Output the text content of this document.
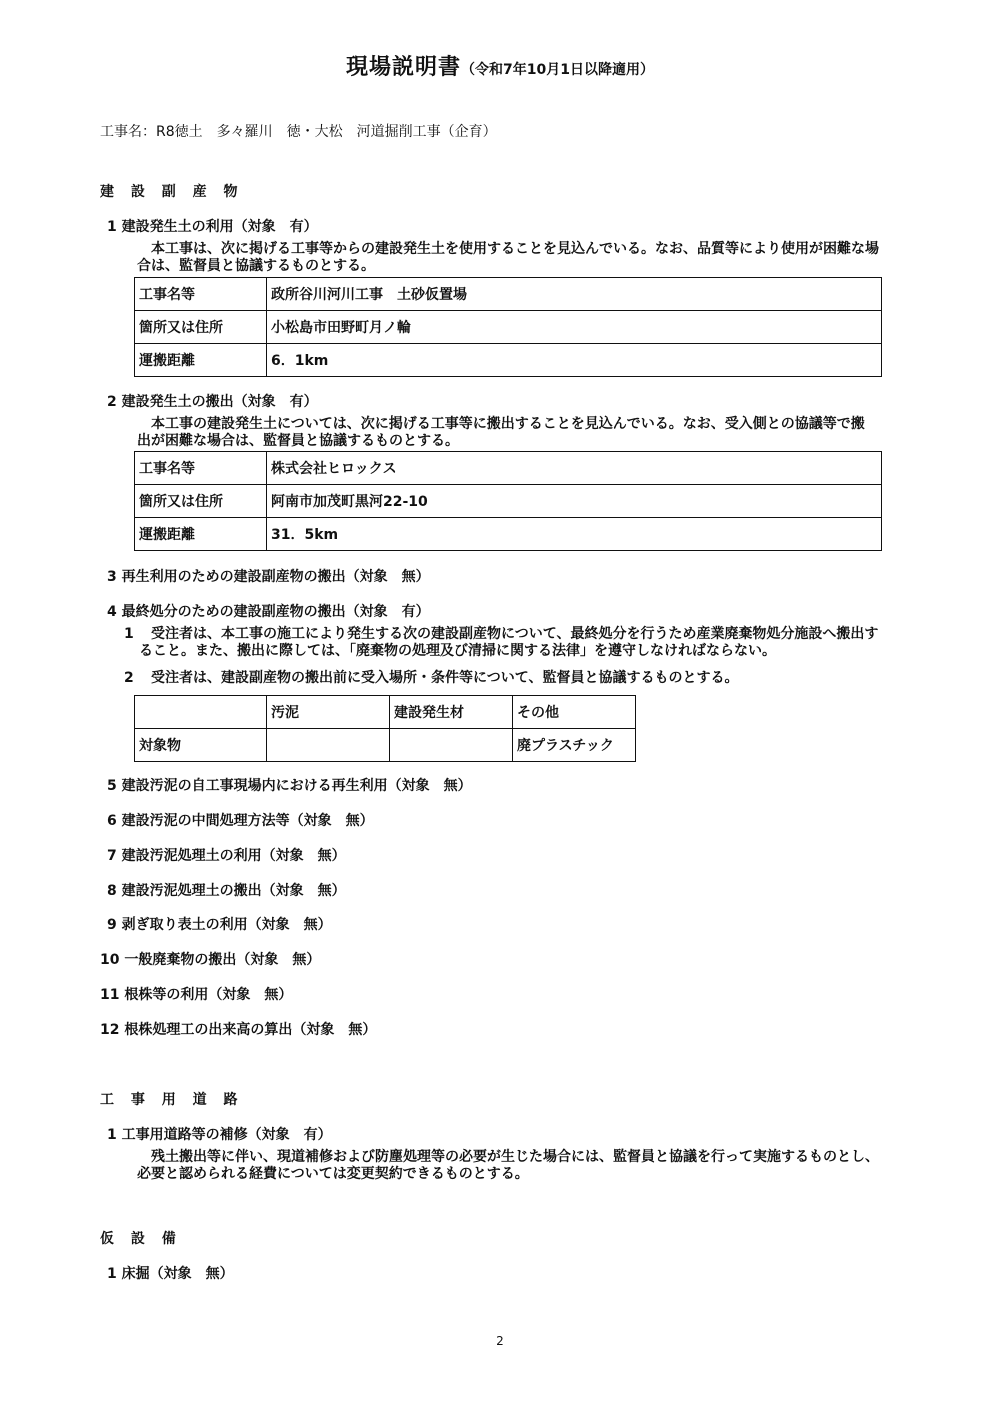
現場説明書（令和7年10月1日以降適用）
工事名：R8徳土　多々羅川　徳・大松　河道掘削工事（企育）
建 設 副 産 物
1 建設発生土の利用（対象　有）
本工事は、次に掲げる工事等からの建設発生土を使用することを見込んでいる。なお、品質等により使用が困難な場合は、監督員と協議するものとする。
工事名等	政所谷川河川工事　土砂仮置場
箇所又は住所	小松島市田野町月ノ輪
運搬距離	6．1km
2 建設発生土の搬出（対象　有）
本工事の建設発生土については、次に掲げる工事等に搬出することを見込んでいる。なお、受入側との協議等で搬出が困難な場合は、監督員と協議するものとする。
工事名等	株式会社ヒロックス
箇所又は住所	阿南市加茂町黒河22-10
運搬距離	31．5km
3 再生利用のための建設副産物の搬出（対象　無）
4 最終処分のための建設副産物の搬出（対象　有）
1	受注者は、本工事の施工により発生する次の建設副産物について、最終処分を行うため産業廃棄物処分施設へ搬出すること。また、搬出に際しては、「廃棄物の処理及び清掃に関する法律」を遵守しなければならない。
2 受注者は、建設副産物の搬出前に受入場所・条件等について、監督員と協議するものとする。
	汚泥	建設発生材	その他
対象物			廃プラスチック
5 建設汚泥の自工事現場内における再生利用（対象　無）
6 建設汚泥の中間処理方法等（対象　無）
7 建設汚泥処理土の利用（対象　無）
8 建設汚泥処理土の搬出（対象　無）
9 剥ぎ取り表土の利用（対象　無）
10 一般廃棄物の搬出（対象　無）
11 根株等の利用（対象　無）
12 根株処理工の出来高の算出（対象　無）
工 事 用 道 路
1 工事用道路等の補修（対象　有）
残土搬出等に伴い、現道補修および防塵処理等の必要が生じた場合には、監督員と協議を行って実施するものとし、必要と認められる経費については変更契約できるものとする。
仮 設 備
1 床掘（対象　無）
2
